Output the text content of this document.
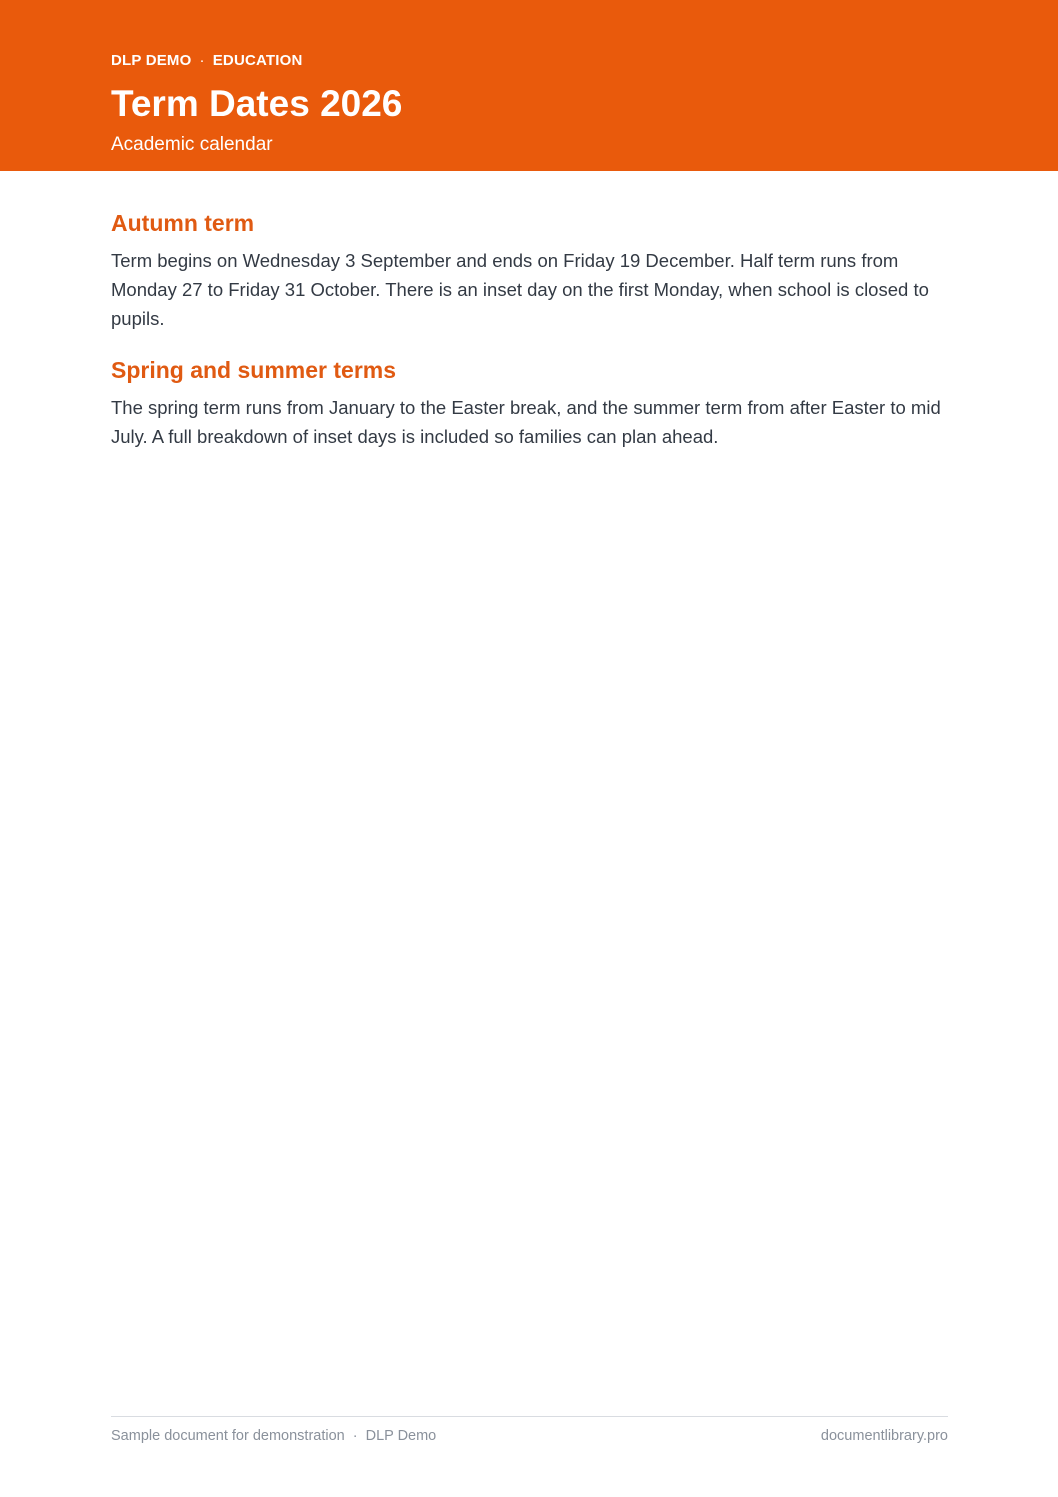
DLP DEMO · EDUCATION
Term Dates 2026
Academic calendar
Autumn term

Term begins on Wednesday 3 September and ends on Friday 19 December. Half term runs from Monday 27 to Friday 31 October. There is an inset day on the first Monday, when school is closed to pupils.

Spring and summer terms

The spring term runs from January to the Easter break, and the summer term from after Easter to mid July. A full breakdown of inset days is included so families can plan ahead.

Sample document for demonstration · DLP Demo	documentlibrary.pro
